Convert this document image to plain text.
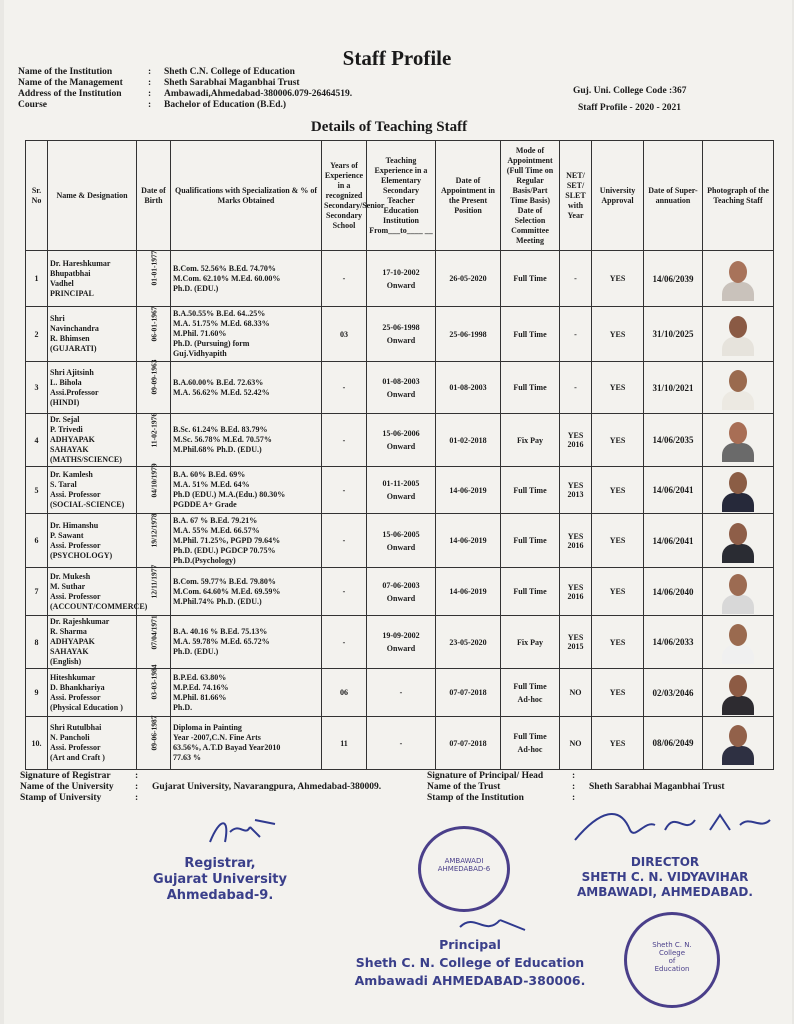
Staff Profile
Name of the Institution	: Sheth C.N. College of Education
Name of the Management	: Sheth Sarabhai Maganbhai Trust
Address of the Institution	: Ambawadi,Ahmedabad-380006.079-26464519.
Course	: Bachelor of Education (B.Ed.)
Guj. Uni. College Code :367
Staff Profile - 2020 - 2021
Details of Teaching Staff
Sr. No	Name & Designation	Date of Birth	Qualifications with Specialization & % of Marks Obtained	Years of Experience in a recognized Secondary/Senior Secondary School	Teaching Experience in a Elementary Secondary Teacher Education Institution From___to____ __	Date of Appointment in the Present Position	Mode of Appointment (Full Time on Regular Basis/Part Time Basis) Date of Selection Committee Meeting	NET/ SET/ SLET with Year	University Approval	Date of Super-annuation	Photograph of the Teaching Staff
1	Dr. Hareshkumar
Bhupatbhai
Vadhel
PRINCIPAL	01-01-1977	B.Com. 52.56% B.Ed. 74.70%
M.Com. 62.10% M.Ed. 60.00%
Ph.D. (EDU.)	-	17-10-2002
Onward	26-05-2020	Full Time	-	YES	14/06/2039	

2	Shri
Navinchandra
R. Bhimsen
(GUJARATI)	06-01-1967	B.A.50.55% B.Ed. 64..25%
M.A. 51.75% M.Ed. 68.33%
M.Phil. 71.60%
Ph.D. (Pursuing) form
Guj.Vidhyapith	03	25-06-1998
Onward	25-06-1998	Full Time	-	YES	31/10/2025	

3	Shri Ajitsinh
L. Bihola
Assi.Professor
(HINDI)	09-09-1963	B.A.60.00% B.Ed. 72.63%
M.A. 56.62% M.Ed. 52.42%	-	01-08-2003
Onward	01-08-2003	Full Time	-	YES	31/10/2021	

4	Dr. Sejal
P. Trivedi
ADHYAPAK SAHAYAK
(MATHS/SCIENCE)	11-02-1976	B.Sc. 61.24% B.Ed. 83.79%
M.Sc. 56.78% M.Ed. 70.57%
M.Phil.68% Ph.D. (EDU.)	-	15-06-2006
Onward	01-02-2018	Fix Pay	YES
2016	YES	14/06/2035	

5	Dr. Kamlesh
S. Taral
Assi. Professor
(SOCIAL-SCIENCE)	04/10/1979	B.A. 60% B.Ed. 69%
M.A. 51% M.Ed. 64%
Ph.D (EDU.) M.A.(Edu.) 80.30%
PGDDE A+ Grade	-	01-11-2005
Onward	14-06-2019	Full Time	YES
2013	YES	14/06/2041	

6	Dr. Himanshu
P. Sawant
Assi. Professor
(PSYCHOLOGY)	19/12/1978	B.A. 67 % B.Ed. 79.21%
M.A. 55% M.Ed. 66.57%
M.Phil. 71.25%, PGPD 79.64%
Ph.D. (EDU.) PGDCP 70.75%
Ph.D.(Psychology)	-	15-06-2005
Onward	14-06-2019	Full Time	YES
2016	YES	14/06/2041	

7	Dr. Mukesh
M. Suthar
Assi. Professor
(ACCOUNT/COMMERCE)	12/11/1977	B.Com. 59.77% B.Ed. 79.80%
M.Com. 64.60% M.Ed. 69.59%
M.Phil.74% Ph.D. (EDU.)	-	07-06-2003
Onward	14-06-2019	Full Time	YES
2016	YES	14/06/2040	

8	Dr. Rajeshkumar
R. Sharma
ADHYAPAK SAHAYAK
(English)	07/04/1971	B.A. 40.16 % B.Ed. 75.13%
M.A. 59.78% M.Ed. 65.72%
Ph.D. (EDU.)	-	19-09-2002
Onward	23-05-2020	Fix Pay	YES
2015	YES	14/06/2033	

9	Hiteshkumar
D. Bhankhariya
Assi. Professor
(Physical Education )	03-03-1984	B.P.Ed. 63.80%
M.P.Ed. 74.16%
M.Phil. 81.66%
Ph.D.	06	-	07-07-2018	Full Time
Ad-hoc	NO	YES	02/03/2046	

10.	Shri Rutulbhai
N. Pancholi
Assi. Professor
(Art and Craft )	09-06-1987	Diploma in Painting
Year -2007,C.N. Fine Arts
63.56%, A.T.D Bayad Year2010
77.63 %	11	-	07-07-2018	Full Time
Ad-hoc	NO	YES	08/06/2049	
Signature of Registrar	:
Name of the University : Gujarat University, Navarangpura, Ahmedabad-380009.
Stamp of University	:
Signature of Principal/ Head	:
Name of the Trust	: Sheth Sarabhai Maganbhai Trust
Stamp of the Institution	:
Registrar,
Gujarat University
Ahmedabad-9.
AMBAWADI
AHMEDABAD-6	DIRECTOR
SHETH C. N. VIDYAVIHAR
AMBAWADI, AHMEDABAD.
Principal
Sheth C. N. College of Education
Ambawadi AHMEDABAD-380006.
Sheth C. N.
College
of
Education
